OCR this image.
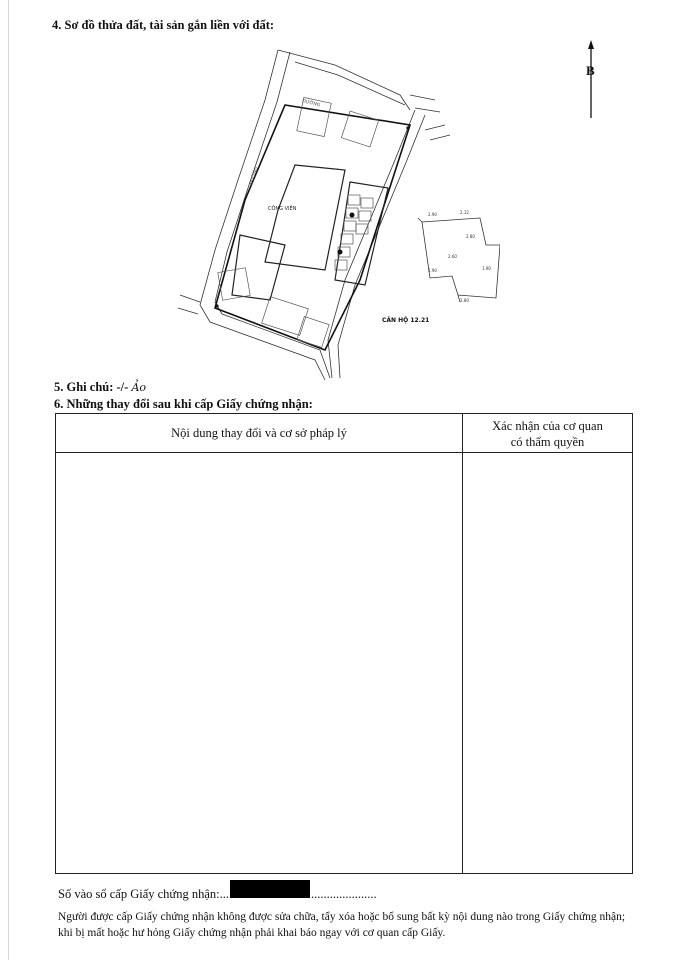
4. Sơ đồ thửa đất, tài sản gắn liền với đất:
B
CÔNG VIÊN
ĐƯỜNG
ĐƯỜNG
2.90	2.12
2.80
1.90
2.90
2.60
2.80
CĂN HỘ 12.21
5. Ghi chú: -/- Ảo
6. Những thay đổi sau khi cấp Giấy chứng nhận:
Nội dung thay đổi và cơ sở pháp lý	Xác nhận của cơ quan
có thẩm quyền
Số vào sổ cấp Giấy chứng nhận:...	.....................
Người được cấp Giấy chứng nhận không được sửa chữa, tẩy xóa hoặc bổ sung bất kỳ nội dung nào trong Giấy chứng nhận; khi bị mất hoặc hư hỏng Giấy chứng nhận phải khai báo ngay với cơ quan cấp Giấy.
